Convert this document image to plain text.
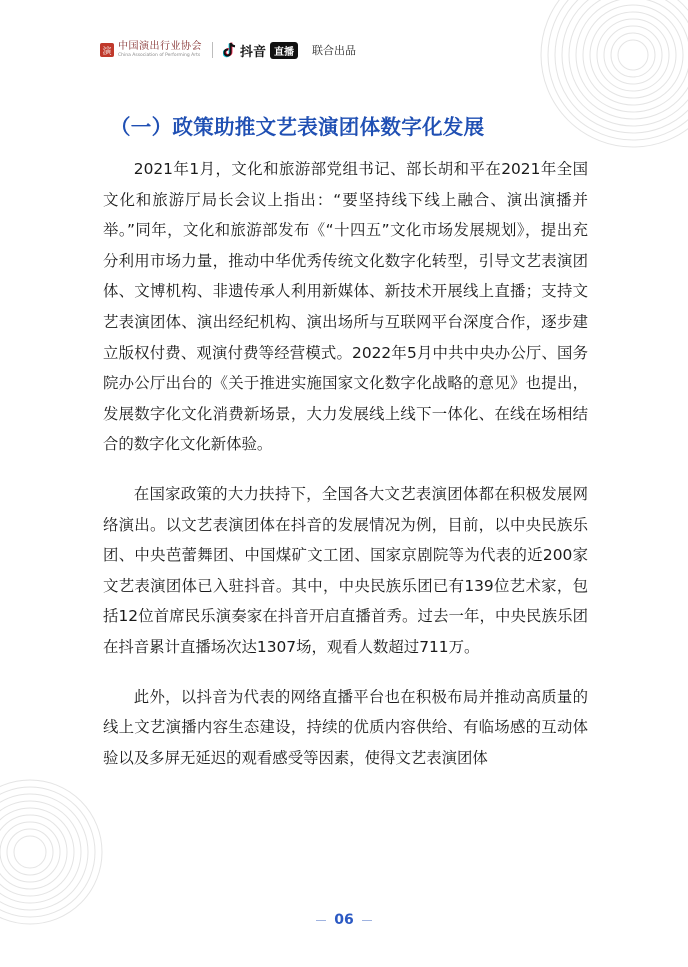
演 中国演出行业协会
China Association of Performing Arts	抖音 直播	联合出品
（一）政策助推文艺表演团体数字化发展

2021年1月，文化和旅游部党组书记、部长胡和平在2021年全国文化和旅游厅局长会议上指出：“要坚持线下线上融合、演出演播并举。”同年，文化和旅游部发布《“十四五”文化市场发展规划》，提出充分利用市场力量，推动中华优秀传统文化数字化转型，引导文艺表演团体、文博机构、非遗传承人利用新媒体、新技术开展线上直播；支持文艺表演团体、演出经纪机构、演出场所与互联网平台深度合作，逐步建立版权付费、观演付费等经营模式。2022年5月中共中央办公厅、国务院办公厅出台的《关于推进实施国家文化数字化战略的意见》也提出，发展数字化文化消费新场景，大力发展线上线下一体化、在线在场相结合的数字化文化新体验。

在国家政策的大力扶持下，全国各大文艺表演团体都在积极发展网络演出。以文艺表演团体在抖音的发展情况为例，目前，以中央民族乐团、中央芭蕾舞团、中国煤矿文工团、国家京剧院等为代表的近200家文艺表演团体已入驻抖音。其中，中央民族乐团已有139位艺术家，包括12位首席民乐演奏家在抖音开启直播首秀。过去一年，中央民族乐团在抖音累计直播场次达1307场，观看人数超过711万。

此外，以抖音为代表的网络直播平台也在积极布局并推动高质量的线上文艺演播内容生态建设，持续的优质内容供给、有临场感的互动体验以及多屏无延迟的观看感受等因素，使得文艺表演团体

06
